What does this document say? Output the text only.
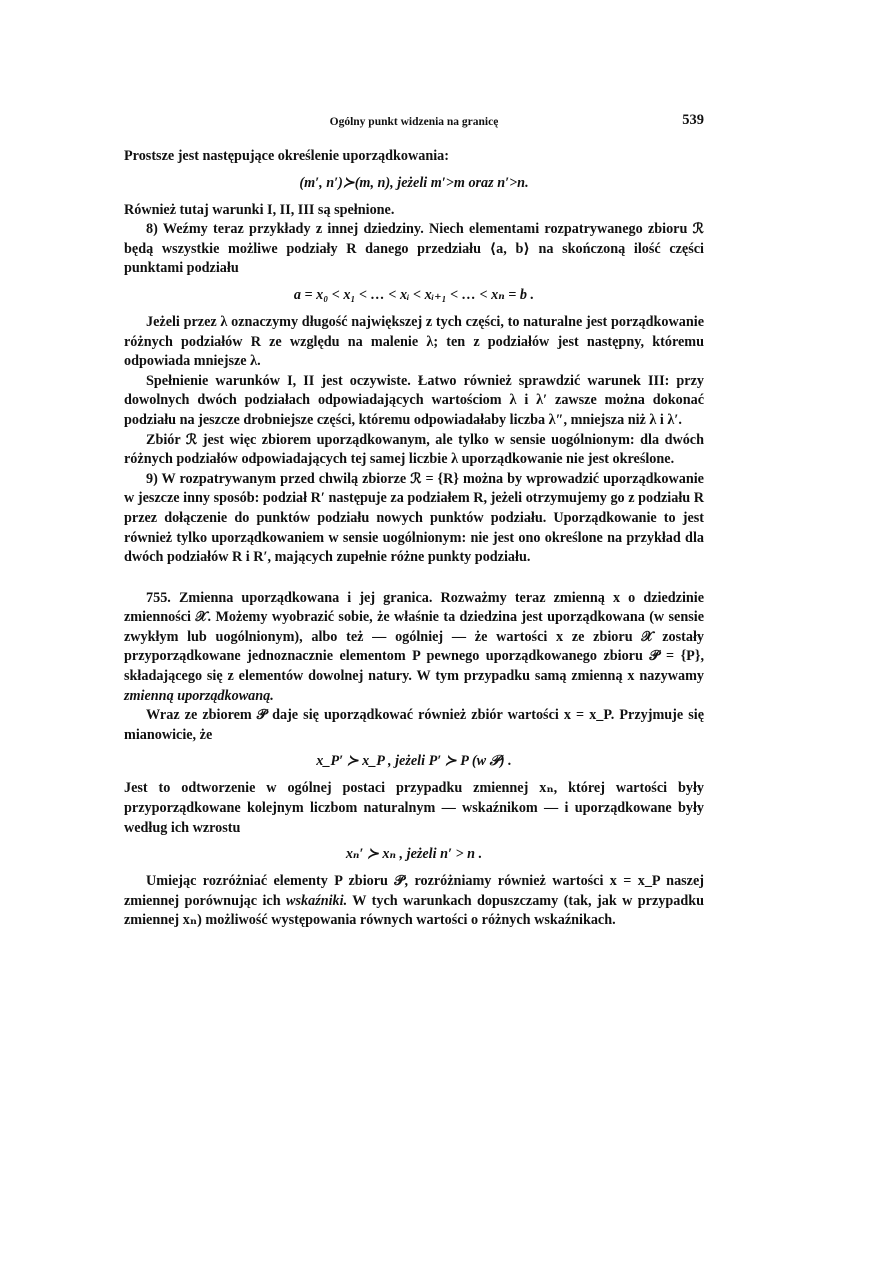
Ogólny punkt widzenia na granicę	539

Prostsze jest następujące określenie uporządkowania:

(m′, n′)≻(m, n), jeżeli m′>m oraz n′>n.

Również tutaj warunki I, II, III są spełnione.

8) Weźmy teraz przykłady z innej dziedziny. Niech elementami rozpatrywanego zbioru ℛ będą wszystkie możliwe podziały R danego przedziału ⟨a, b⟩ na skończoną ilość części punktami podziału

a = x₀ < x₁ < … < xᵢ < xᵢ₊₁ < … < xₙ = b .

Jeżeli przez λ oznaczymy długość największej z tych części, to naturalne jest porządkowanie różnych podziałów R ze względu na malenie λ; ten z podziałów jest następny, któremu odpowiada mniejsze λ.

Spełnienie warunków I, II jest oczywiste. Łatwo również sprawdzić warunek III: przy dowolnych dwóch podziałach odpowiadających wartościom λ i λ′ zawsze można dokonać podziału na jeszcze drobniejsze części, któremu odpowiadałaby liczba λ″, mniejsza niż λ i λ′.

Zbiór ℛ jest więc zbiorem uporządkowanym, ale tylko w sensie uogólnionym: dla dwóch różnych podziałów odpowiadających tej samej liczbie λ uporządkowanie nie jest określone.

9) W rozpatrywanym przed chwilą zbiorze ℛ = {R} można by wprowadzić uporządkowanie w jeszcze inny sposób: podział R′ następuje za podziałem R, jeżeli otrzymujemy go z podziału R przez dołączenie do punktów podziału nowych punktów podziału. Uporządkowanie to jest również tylko uporządkowaniem w sensie uogólnionym: nie jest ono określone na przykład dla dwóch podziałów R i R′, mających zupełnie różne punkty podziału.

755. Zmienna uporządkowana i jej granica. Rozważmy teraz zmienną x o dziedzinie zmienności 𝒳. Możemy wyobrazić sobie, że właśnie ta dziedzina jest uporządkowana (w sensie zwykłym lub uogólnionym), albo też — ogólniej — że wartości x ze zbioru 𝒳 zostały przyporządkowane jednoznacznie elementom P pewnego uporządkowanego zbioru 𝒫 = {P}, składającego się z elementów dowolnej natury. W tym przypadku samą zmienną x nazywamy zmienną uporządkowaną.

Wraz ze zbiorem 𝒫 daje się uporządkować również zbiór wartości x = x_P. Przyjmuje się mianowicie, że

x_P′ ≻ x_P , jeżeli P′ ≻ P (w 𝒫) .

Jest to odtworzenie w ogólnej postaci przypadku zmiennej xₙ, której wartości były przyporządkowane kolejnym liczbom naturalnym — wskaźnikom — i uporządkowane były według ich wzrostu

xₙ′ ≻ xₙ , jeżeli n′ > n .

Umiejąc rozróżniać elementy P zbioru 𝒫, rozróżniamy również wartości x = x_P naszej zmiennej porównując ich wskaźniki. W tych warunkach dopuszczamy (tak, jak w przypadku zmiennej xₙ) możliwość występowania równych wartości o różnych wskaźnikach.
